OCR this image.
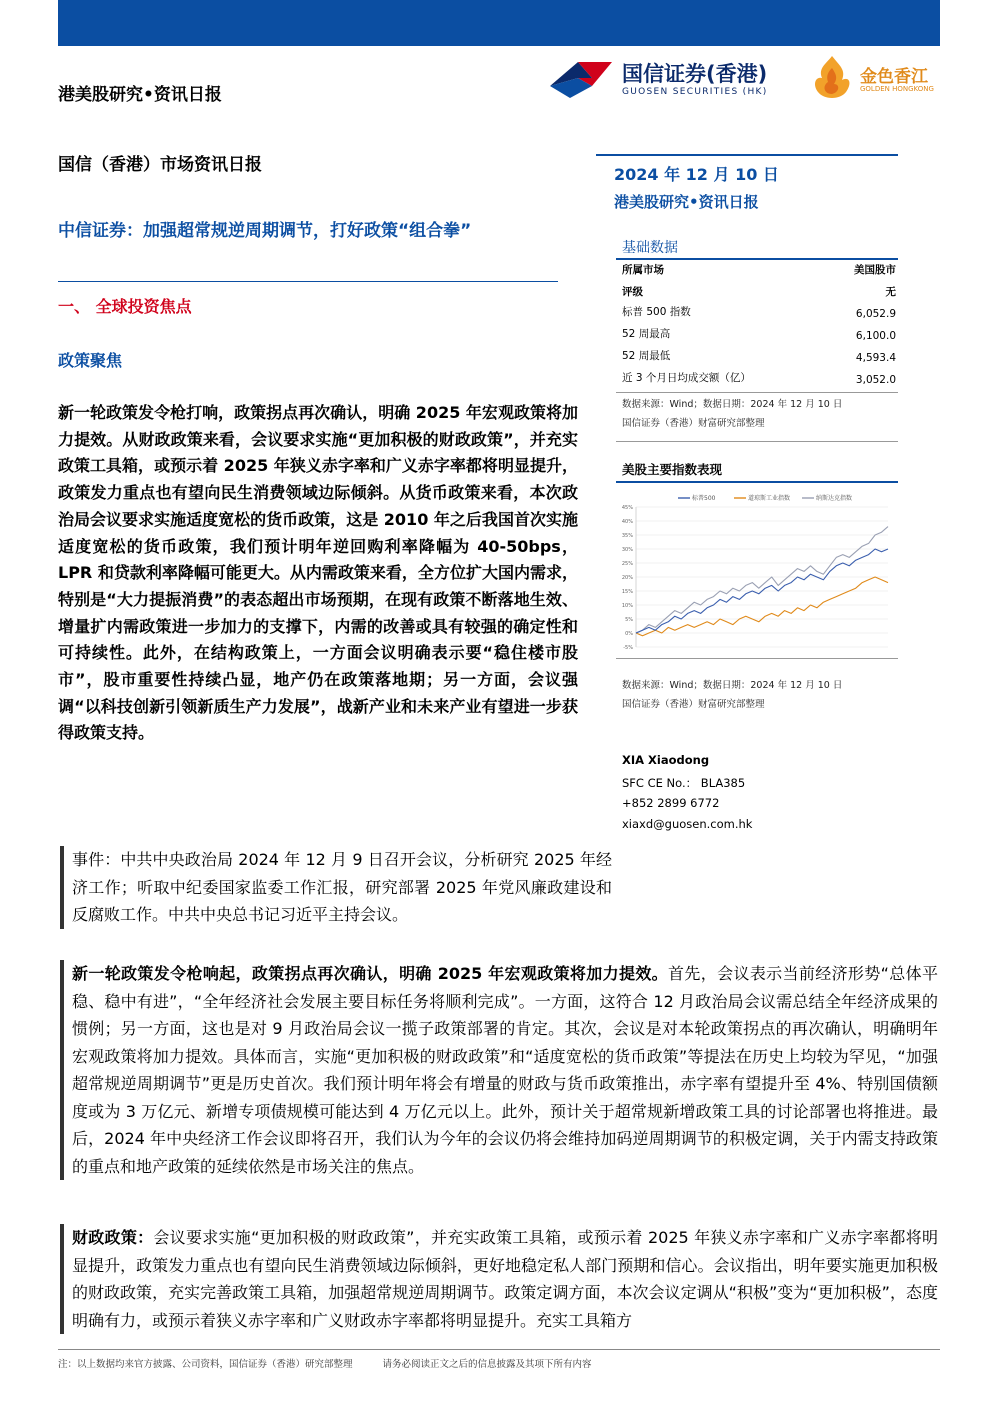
港美股研究•资讯日报
国信证券(香港)
GUOSEN SECURITIES (HK)
金色香江
GOLDEN HONGKONG
国信（香港）市场资讯日报
中信证券：加强超常规逆周期调节，打好政策“组合拳”
一、 全球投资焦点
政策聚焦
新一轮政策发令枪打响，政策拐点再次确认，明确 2025 年宏观政策将加力提效。从财政政策来看，会议要求实施“更加积极的财政政策”，并充实政策工具箱，或预示着 2025 年狭义赤字率和广义赤字率都将明显提升，政策发力重点也有望向民生消费领域边际倾斜。从货币政策来看，本次政治局会议要求实施适度宽松的货币政策，这是 2010 年之后我国首次实施适度宽松的货币政策，我们预计明年逆回购利率降幅为 40-50bps，LPR 和贷款利率降幅可能更大。从内需政策来看，全方位扩大国内需求，特别是“大力提振消费”的表态超出市场预期，在现有政策不断落地生效、增量扩内需政策进一步加力的支撑下，内需的改善或具有较强的确定性和可持续性。此外，在结构政策上，一方面会议明确表示要“稳住楼市股市”，股市重要性持续凸显，地产仍在政策落地期；另一方面，会议强调“以科技创新引领新质生产力发展”，战新产业和未来产业有望进一步获得政策支持。
事件：中共中央政治局 2024 年 12 月 9 日召开会议，分析研究 2025 年经济工作；听取中纪委国家监委工作汇报，研究部署 2025 年党风廉政建设和反腐败工作。中共中央总书记习近平主持会议。
新一轮政策发令枪响起，政策拐点再次确认，明确 2025 年宏观政策将加力提效。首先，会议表示当前经济形势“总体平稳、稳中有进”，“全年经济社会发展主要目标任务将顺利完成”。一方面，这符合 12 月政治局会议需总结全年经济成果的惯例；另一方面，这也是对 9 月政治局会议一揽子政策部署的肯定。其次，会议是对本轮政策拐点的再次确认，明确明年宏观政策将加力提效。具体而言，实施“更加积极的财政政策”和“适度宽松的货币政策”等提法在历史上均较为罕见，“加强超常规逆周期调节”更是历史首次。我们预计明年将会有增量的财政与货币政策推出，赤字率有望提升至 4%、特别国债额度或为 3 万亿元、新增专项债规模可能达到 4 万亿元以上。此外，预计关于超常规新增政策工具的讨论部署也将推进。最后，2024 年中央经济工作会议即将召开，我们认为今年的会议仍将会维持加码逆周期调节的积极定调，关于内需支持政策的重点和地产政策的延续依然是市场关注的焦点。
财政政策：会议要求实施“更加积极的财政政策”，并充实政策工具箱，或预示着 2025 年狭义赤字率和广义赤字率都将明显提升，政策发力重点也有望向民生消费领域边际倾斜，更好地稳定私人部门预期和信心。会议指出，明年要实施更加积极的财政政策，充实完善政策工具箱，加强超常规逆周期调节。政策定调方面，本次会议定调从“积极”变为“更加积极”，态度明确有力，或预示着狭义赤字率和广义财政赤字率都将明显提升。充实工具箱方
2024 年 12 月 10 日
港美股研究•资讯日报
基础数据
所属市场	美国股市
评级	无
标普 500 指数	6,052.9
52 周最高	6,100.0
52 周最低	4,593.4
近 3 个月日均成交额（亿）	3,052.0
数据来源：Wind；数据日期：2024 年 12 月 10 日
国信证券（香港）财富研究部整理
美股主要指数表现
-5%
0%
5%
10%
15%
20%
25%
30%
35%
40%
45%
标普500	道琼斯工业指数	纳斯达克指数
数据来源：Wind；数据日期：2024 年 12 月 10 日
国信证券（香港）财富研究部整理
XIA Xiaodong
SFC CE No.： BLA385
+852 2899 6772
xiaxd@guosen.com.hk
注：以上数据均来官方披露、公司资料，国信证券（香港）研究部整理	请务必阅读正文之后的信息披露及其项下所有内容
